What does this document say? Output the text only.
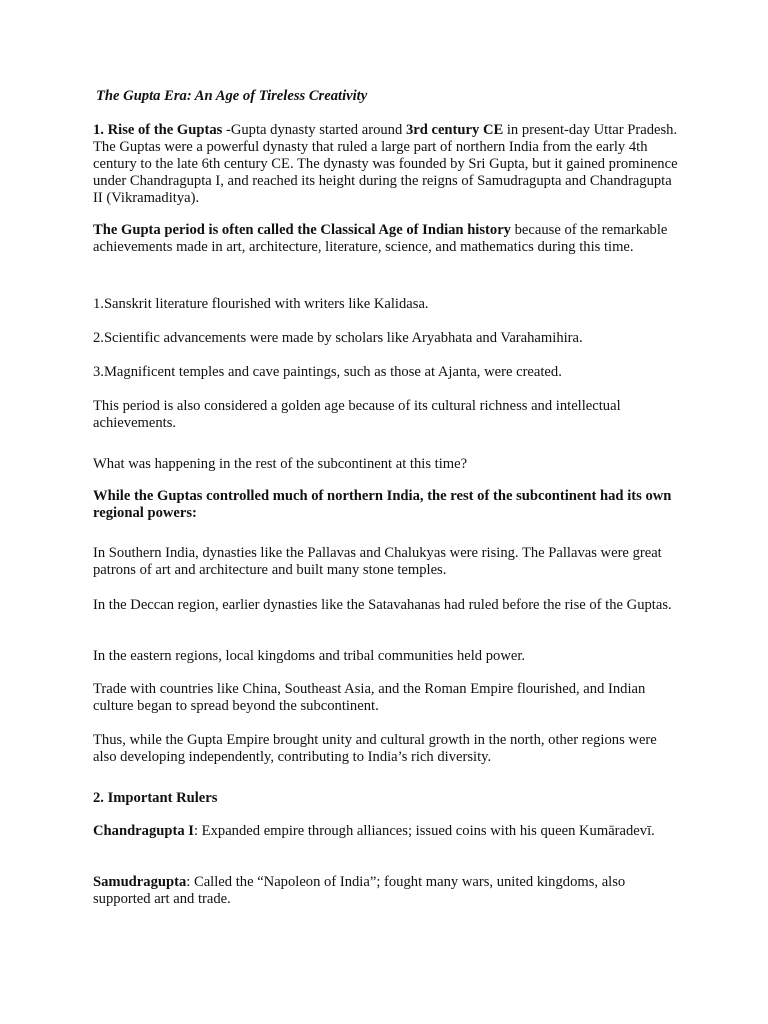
The Gupta Era: An Age of Tireless Creativity

1. Rise of the Guptas -Gupta dynasty started around 3rd century CE in present-day Uttar Pradesh. The Guptas were a powerful dynasty that ruled a large part of northern India from the early 4th century to the late 6th century CE. The dynasty was founded by Sri Gupta, but it gained prominence under Chandragupta I, and reached its height during the reigns of Samudragupta and Chandragupta II (Vikramaditya).

The Gupta period is often called the Classical Age of Indian history because of the remarkable achievements made in art, architecture, literature, science, and mathematics during this time.

1.Sanskrit literature flourished with writers like Kalidasa.

2.Scientific advancements were made by scholars like Aryabhata and Varahamihira.

3.Magnificent temples and cave paintings, such as those at Ajanta, were created.

This period is also considered a golden age because of its cultural richness and intellectual achievements.

What was happening in the rest of the subcontinent at this time?

While the Guptas controlled much of northern India, the rest of the subcontinent had its own regional powers:

In Southern India, dynasties like the Pallavas and Chalukyas were rising. The Pallavas were great patrons of art and architecture and built many stone temples.

In the Deccan region, earlier dynasties like the Satavahanas had ruled before the rise of the Guptas.

In the eastern regions, local kingdoms and tribal communities held power.

Trade with countries like China, Southeast Asia, and the Roman Empire flourished, and Indian culture began to spread beyond the subcontinent.

Thus, while the Gupta Empire brought unity and cultural growth in the north, other regions were also developing independently, contributing to India’s rich diversity.

2. Important Rulers

Chandragupta I: Expanded empire through alliances; issued coins with his queen Kumāradevī.

Samudragupta: Called the “Napoleon of India”; fought many wars, united kingdoms, also supported art and trade.
